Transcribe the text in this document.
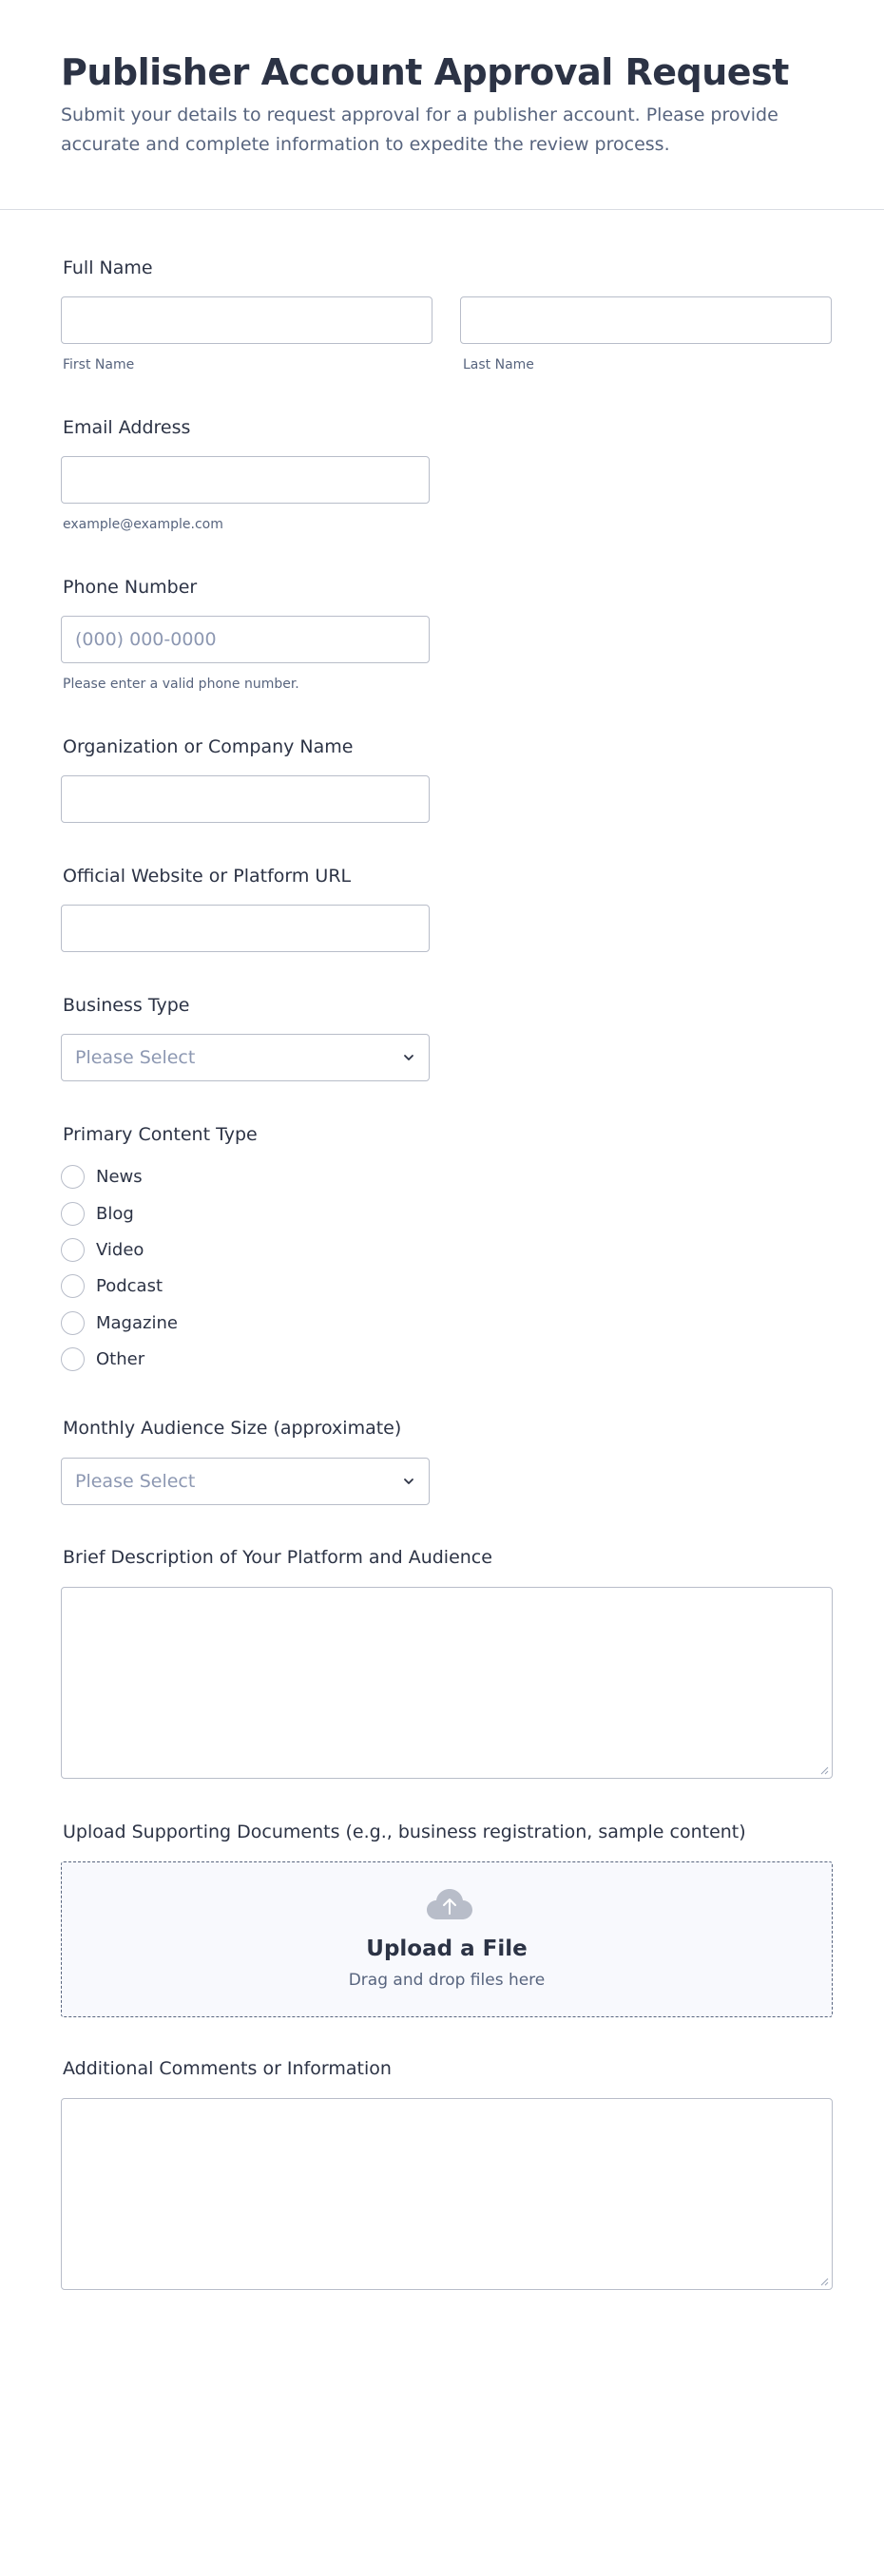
Publisher Account Approval Request

Submit your details to request approval for a publisher account. Please provide accurate and complete information to expedite the review process.

Full Name
First Name	Last Name
Email Address
example@example.com
Phone Number
(000) 000-0000
Please enter a valid phone number.
Organization or Company Name
Official Website or Platform URL
Business Type
Please Select
Primary Content Type
News
Blog
Video
Podcast
Magazine
Other
Monthly Audience Size (approximate)
Please Select
Brief Description of Your Platform and Audience
Upload Supporting Documents (e.g., business registration, sample content)
Upload a File
Drag and drop files here
Additional Comments or Information
